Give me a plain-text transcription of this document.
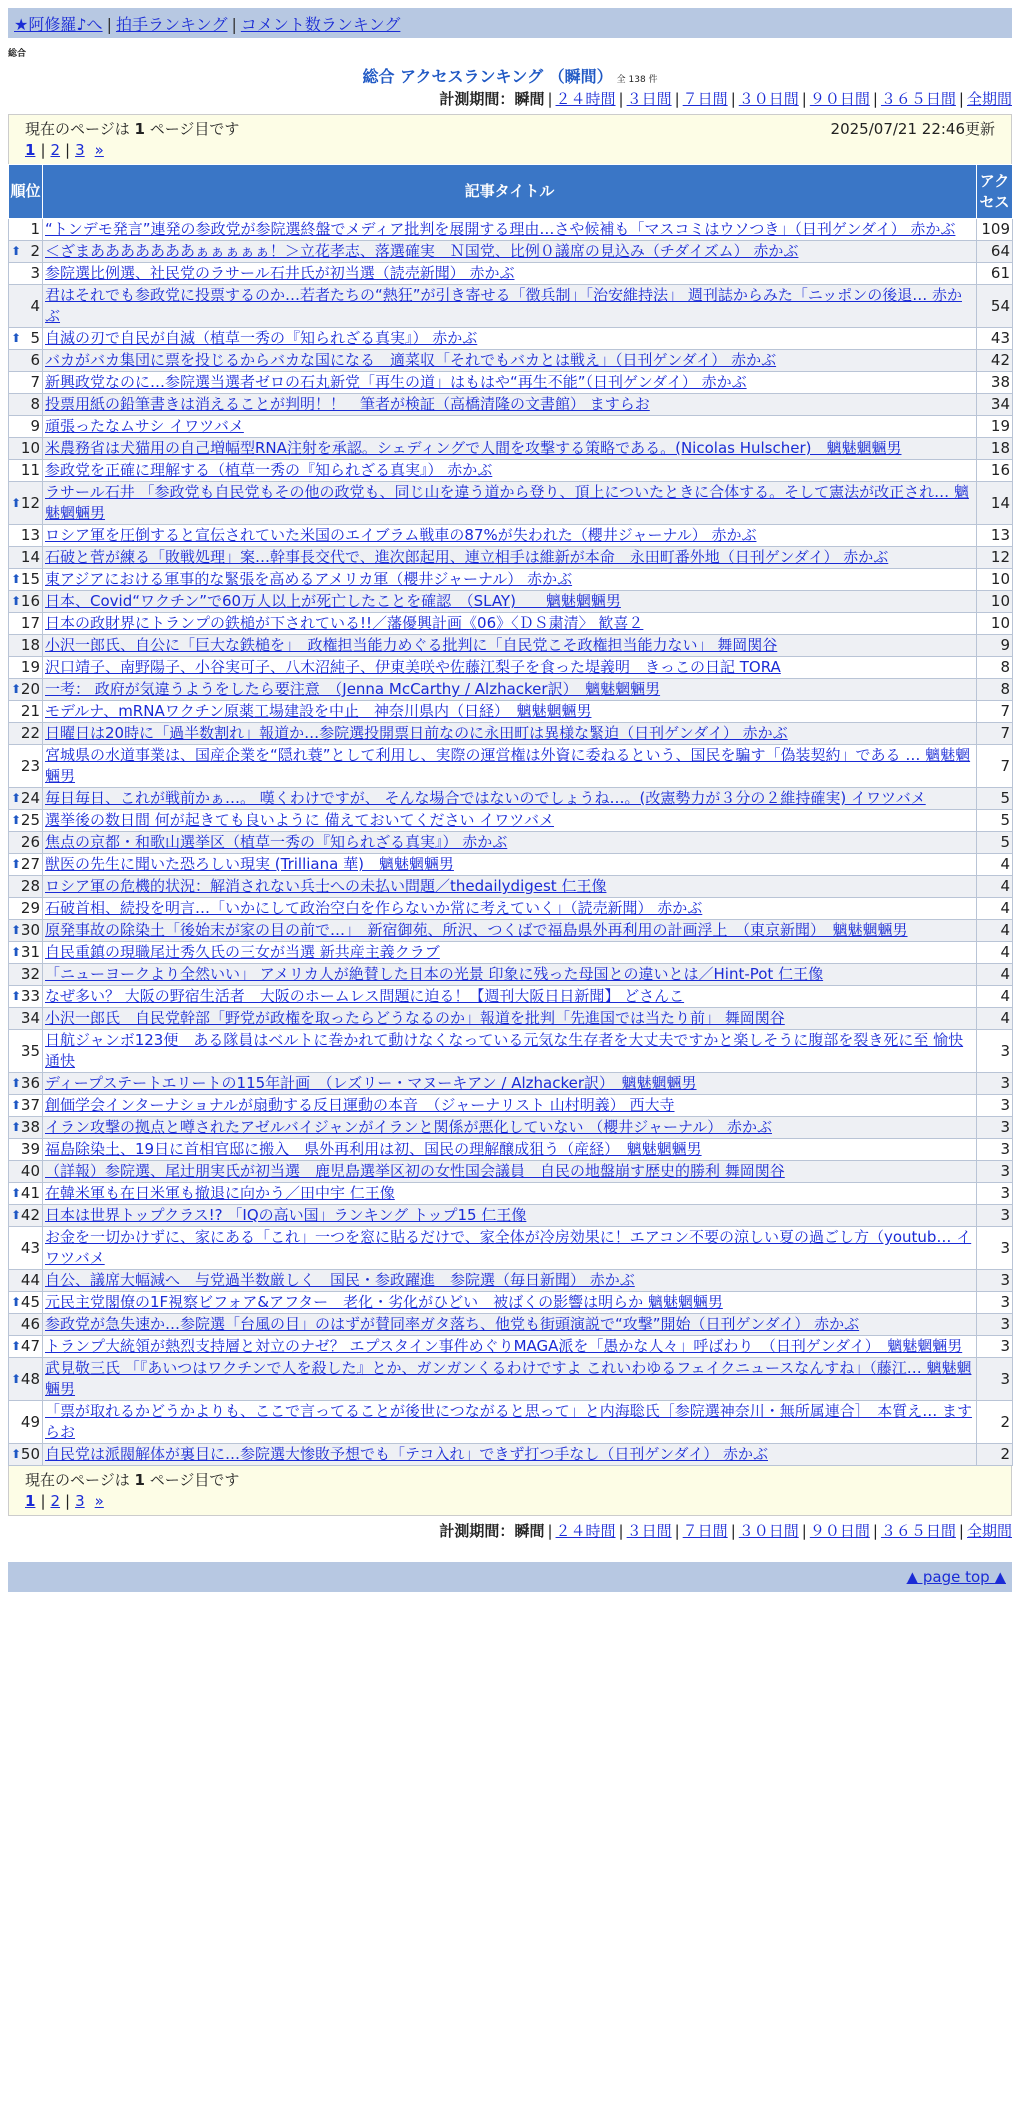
★阿修羅♪へ | 拍手ランキング | コメント数ランキング
総合
総合 アクセスランキング （瞬間） 全 138 件
計測期間：瞬間 | ２４時間 | ３日間 | ７日間 | ３０日間 | ９０日間 | ３６５日間 | 全期間
現在のページは 1 ページ目です	2025/07/21 22:46更新
1 | 2 | 3 »
順位	記事タイトル	アクセス
1	“トンデモ発言”連発の参政党が参院選終盤でメディア批判を展開する理由…さや候補も「マスコミはウソつき」（日刊ゲンダイ） 赤かぶ	109

⬆ 2	＜ざまあああああああぁぁぁぁぁ！＞立花孝志、落選確実　Ｎ国党、比例０議席の見込み（チダイズム） 赤かぶ	64
3	参院選比例選、社民党のラサール石井氏が初当選（読売新聞） 赤かぶ	61
4	君はそれでも参政党に投票するのか…若者たちの“熱狂”が引き寄せる「徴兵制」「治安維持法」 週刊誌からみた「ニッポンの後退… 赤かぶ	54

⬆ 5	自滅の刃で自民が自滅（植草一秀の『知られざる真実』） 赤かぶ	43
6	バカがバカ集団に票を投じるからバカな国になる　適菜収「それでもバカとは戦え」（日刊ゲンダイ） 赤かぶ	42
7	新興政党なのに…参院選当選者ゼロの石丸新党「再生の道」はもはや“再生不能”（日刊ゲンダイ） 赤かぶ	38
8	投票用紙の鉛筆書きは消えることが判明！！　筆者が検証（高橋清隆の文書館） ますらお	34
9	頑張ったなムサシ イワツバメ	19
10	米農務省は犬猫用の自己増幅型RNA注射を承認。シェディングで人間を攻撃する策略である。(Nicolas Hulscher)　魑魅魍魎男	18
11	参政党を正確に理解する（植草一秀の『知られざる真実』） 赤かぶ	16

⬆ 12	ラサール石井 「参政党も自民党もその他の政党も、同じ山を違う道から登り、頂上についたときに合体する。そして憲法が改正され… 魑魅魍魎男	14
13	ロシア軍を圧倒すると宣伝されていた米国のエイブラム戦車の87%が失われた（櫻井ジャーナル） 赤かぶ	13
14	石破と菅が練る「敗戦処理」案…幹事長交代で、進次郎起用、連立相手は維新が本命　永田町番外地（日刊ゲンダイ） 赤かぶ	12

⬆ 15	東アジアにおける軍事的な緊張を高めるアメリカ軍（櫻井ジャーナル） 赤かぶ	10

⬆ 16	日本、Covid“ワクチン”で60万人以上が死亡したことを確認　（SLAY)　　魑魅魍魎男	10
17	日本の政財界にトランプの鉄槌が下されている!!／藩優興計画《06》〈ＤＳ粛清〉 歓喜２	10
18	小沢一郎氏、自公に「巨大な鉄槌を」　政権担当能力めぐる批判に「自民党こそ政権担当能力ない」 舞岡関谷	9
19	沢口靖子、南野陽子、小谷実可子、八木沼純子、伊東美咲や佐藤江梨子を食った堤義明　きっこの日記 TORA	8

⬆ 20	一考： 政府が気違うようをしたら要注意　（Jenna McCarthy / Alzhacker訳）　魑魅魍魎男	8
21	モデルナ、mRNAワクチン原薬工場建設を中止　神奈川県内（日経）　魑魅魍魎男	7
22	日曜日は20時に「過半数割れ」報道か…参院選投開票日前なのに永田町は異様な緊迫（日刊ゲンダイ） 赤かぶ	7
23	宮城県の水道事業は、国産企業を“隠れ蓑”として利用し、実際の運営権は外資に委ねるという、国民を騙す「偽装契約」である … 魑魅魍魎男	7

⬆ 24	毎日毎日、これが戦前かぁ…。 嘆くわけですが、 そんな場合ではないのでしょうね…。(改憲勢力が３分の２維持確実) イワツバメ	5

⬆ 25	選挙後の数日間 何が起きても良いように 備えておいてください イワツバメ	5
26	焦点の京都・和歌山選挙区（植草一秀の『知られざる真実』） 赤かぶ	5

⬆ 27	獣医の先生に聞いた恐ろしい現実 (Trilliana 華)　魑魅魍魎男	4
28	ロシア軍の危機的状況：解消されない兵士への未払い問題／thedailydigest 仁王像	4
29	石破首相、続投を明言…「いかにして政治空白を作らないか常に考えていく」（読売新聞） 赤かぶ	4

⬆ 30	原発事故の除染土「後始末が家の目の前で…」　新宿御苑、所沢、つくばで福島県外再利用の計画浮上　（東京新聞）　魑魅魍魎男	4

⬆ 31	自民重鎮の現職尾辻秀久氏の三女が当選 新共産主義クラブ	4
32	「ニューヨークより全然いい」 アメリカ人が絶賛した日本の光景 印象に残った母国との違いとは／Hint-Pot 仁王像	4

⬆ 33	なぜ多い？ 大阪の野宿生活者　大阪のホームレス問題に迫る！【週刊大阪日日新聞】 どさんこ	4
34	小沢一郎氏　自民党幹部「野党が政権を取ったらどうなるのか」報道を批判「先進国では当たり前」 舞岡関谷	4
35	日航ジャンボ123便　ある隊員はベルトに巻かれて動けなくなっている元気な生存者を大丈夫ですかと楽しそうに腹部を裂き死に至 愉快通快	3

⬆ 36	ディープステートエリートの115年計画　（レズリー・マヌーキアン / Alzhacker訳）　魑魅魍魎男	3

⬆ 37	創価学会インターナショナルが扇動する反日運動の本音　（ジャーナリスト 山村明義） 西大寺	3

⬆ 38	イラン攻撃の拠点と噂されたアゼルバイジャンがイランと関係が悪化していない （櫻井ジャーナル） 赤かぶ	3
39	福島除染土、19日に首相官邸に搬入　県外再利用は初、国民の理解醸成狙う（産経）　魑魅魍魎男	3
40	（詳報）参院選、尾辻朋実氏が初当選　鹿児島選挙区初の女性国会議員　自民の地盤崩す歴史的勝利 舞岡関谷	3

⬆ 41	在韓米軍も在日米軍も撤退に向かう／田中宇 仁王像	3

⬆ 42	日本は世界トップクラス!? 「IQの高い国」ランキング トップ15 仁王像	3
43	お金を一切かけずに、家にある「これ」一つを窓に貼るだけで、家全体が冷房効果に！エアコン不要の涼しい夏の過ごし方（youtub… イワツバメ	3
44	自公、議席大幅減へ　与党過半数厳しく　国民・参政躍進　参院選（毎日新聞） 赤かぶ	3

⬆ 45	元民主党閣僚の1F視察ビフォア&アフター　老化・劣化がひどい　被ばくの影響は明らか 魑魅魍魎男	3
46	参政党が急失速か…参院選「台風の目」のはずが賛同率ガタ落ち、他党も街頭演説で“攻撃”開始（日刊ゲンダイ） 赤かぶ	3

⬆ 47	トランプ大統領が熱烈支持層と対立のナゼ？ エプスタイン事件めぐりMAGA派を「愚かな人々」呼ばわり　（日刊ゲンダイ）　魑魅魍魎男	3

⬆ 48	武見敬三氏 「『あいつはワクチンで人を殺した』とか、ガンガンくるわけですよ これいわゆるフェイクニュースなんすね」（藤江… 魑魅魍魎男	3
49	「票が取れるかどうかよりも、ここで言ってることが後世につながると思って」と内海聡氏［参院選神奈川・無所属連合］　本質え… ますらお	2

⬆ 50	自民党は派閥解体が裏目に…参院選大惨敗予想でも「テコ入れ」できず打つ手なし（日刊ゲンダイ） 赤かぶ	2
現在のページは 1 ページ目です
1 | 2 | 3 »
計測期間：瞬間 | ２４時間 | ３日間 | ７日間 | ３０日間 | ９０日間 | ３６５日間 | 全期間
▲ page top ▲
